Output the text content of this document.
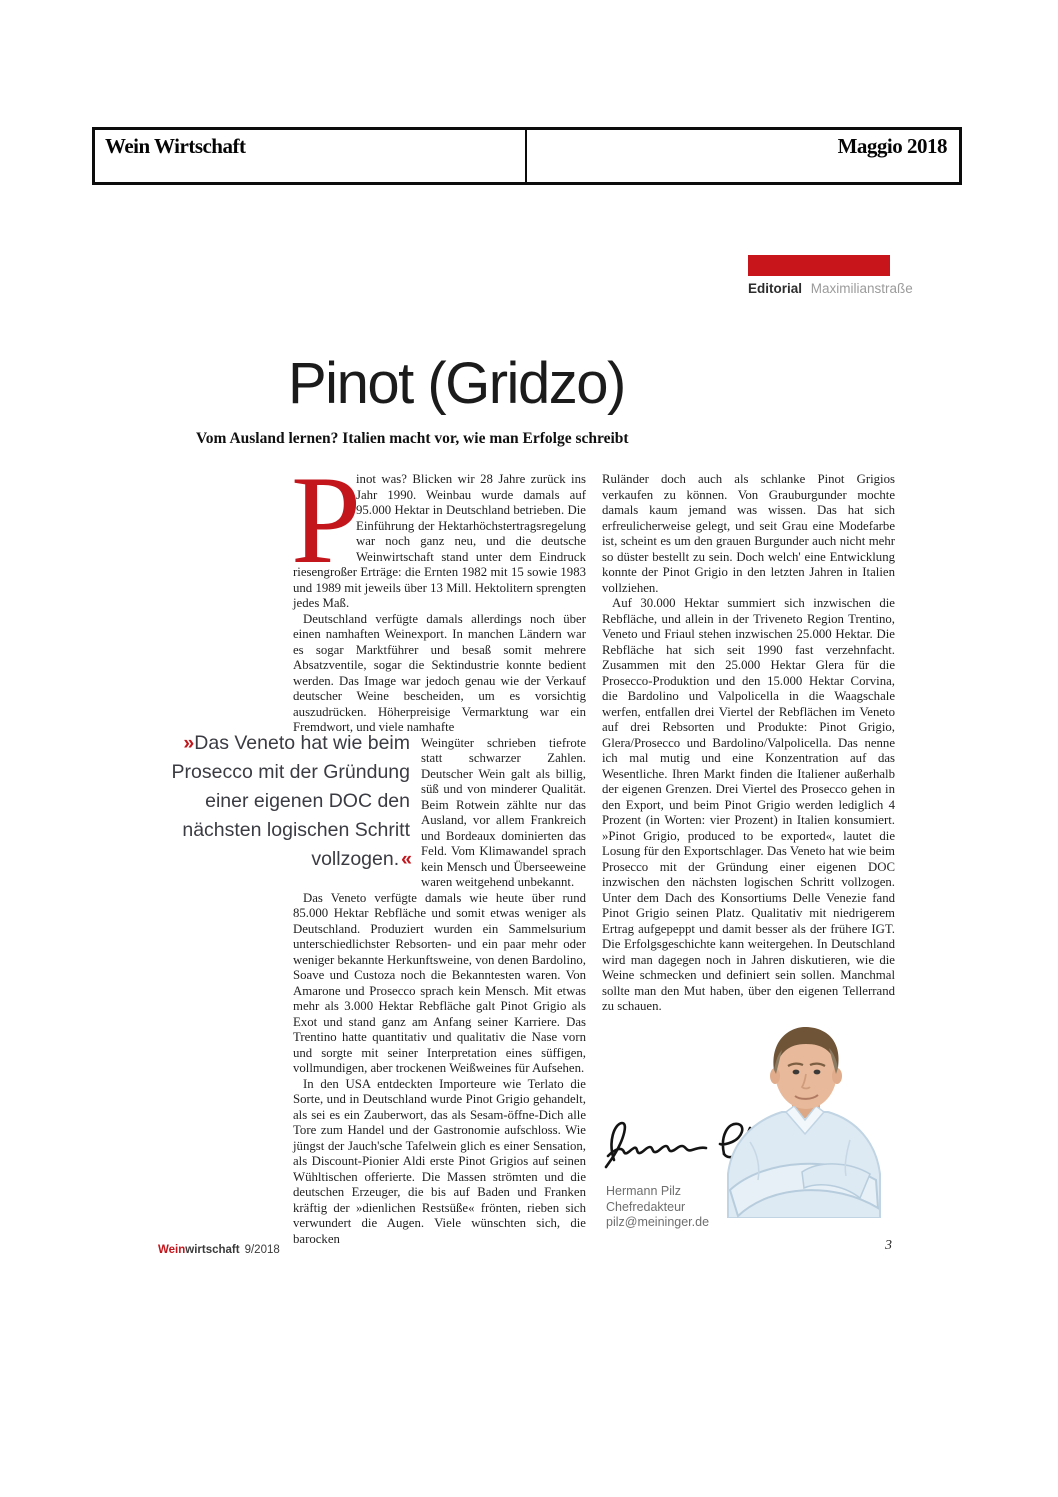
Wein Wirtschaft	Maggio 2018
Editorial Maximilianstraße
Pinot (Gridzo)
Vom Ausland lernen? Italien macht vor, wie man Erfolge schreibt
» Das Veneto hat wie beim Prosecco mit der Gründung einer eigenen DOC den nächsten logischen Schritt vollzogen. «

P
inot was? Blicken wir 28 Jahre zurück ins Jahr 1990. Weinbau wurde damals auf 95.000 Hektar in Deutschland betrieben. Die Einführung der Hektarhöchstertragsregelung war noch ganz neu, und die deutsche Weinwirtschaft stand unter dem Eindruck riesengroßer Erträge: die Ernten 1982 mit 15 sowie 1983 und 1989 mit jeweils über 13 Mill. Hektolitern sprengten jedes Maß.

Deutschland verfügte damals allerdings noch über einen namhaften Weinexport. In manchen Ländern war es sogar Marktführer und besaß somit mehrere Absatzventile, sogar die Sektindustrie konnte bedient werden. Das Image war jedoch genau wie der Verkauf deutscher Weine bescheiden, um es vorsichtig auszudrücken. Höherpreisige Vermarktung war ein Fremdwort, und viele namhafte

Weingüter schrieben tiefrote statt schwarzer Zahlen. Deutscher Wein galt als billig, süß und von minderer Qualität. Beim Rotwein zählte nur das Ausland, vor allem Frankreich und Bordeaux dominierten das Feld. Vom Klimawandel sprach kein Mensch und Überseeweine waren weitgehend unbekannt.

Das Veneto verfügte damals wie heute über rund 85.000 Hektar Rebfläche und somit etwas weniger als Deutschland. Produziert wurden ein Sammelsurium unterschiedlichster Rebsorten- und ein paar mehr oder weniger bekannte Herkunftsweine, von denen Bardolino, Soave und Custoza noch die Bekanntesten waren. Von Amarone und Prosecco sprach kein Mensch. Mit etwas mehr als 3.000 Hektar Rebfläche galt Pinot Grigio als Exot und stand ganz am Anfang seiner Karriere. Das Trentino hatte quantitativ und qualitativ die Nase vorn und sorgte mit seiner Interpretation eines süffigen, vollmundigen, aber trockenen Weißweines für Aufsehen.

In den USA entdeckten Importeure wie Terlato die Sorte, und in Deutschland wurde Pinot Grigio gehandelt, als sei es ein Zauberwort, das als Sesam-öffne-Dich alle Tore zum Handel und der Gastronomie aufschloss. Wie jüngst der Jauch'sche Tafelwein glich es einer Sensation, als Discount-Pionier Aldi erste Pinot Grigios auf seinen Wühltischen offerierte. Die Massen strömten und die deutschen Erzeuger, die bis auf Baden und Franken kräftig der »dienlichen Restsüße« frönten, rieben sich verwundert die Augen. Viele wünschten sich, die barocken

Ruländer doch auch als schlanke Pinot Grigios verkaufen zu können. Von Grauburgunder mochte damals kaum jemand was wissen. Das hat sich erfreulicherweise gelegt, und seit Grau eine Modefarbe ist, scheint es um den grauen Burgunder auch nicht mehr so düster bestellt zu sein. Doch welch' eine Entwicklung konnte der Pinot Grigio in den letzten Jahren in Italien vollziehen.

Auf 30.000 Hektar summiert sich inzwischen die Rebfläche, und allein in der Triveneto Region Trentino, Veneto und Friaul stehen inzwischen 25.000 Hektar. Die Rebfläche hat sich seit 1990 fast verzehnfacht. Zusammen mit den 25.000 Hektar Glera für die Prosecco-Produktion und den 15.000 Hektar Corvina, die Bardolino und Valpolicella in die Waagschale werfen, entfallen drei Viertel der Rebflächen im Veneto auf drei Rebsorten und Produkte: Pinot Grigio, Glera/Prosecco und Bardolino/Valpolicella. Das nenne ich mal mutig und eine Konzentration auf das Wesentliche. Ihren Markt finden die Italiener außerhalb der eigenen Grenzen. Drei Viertel des Prosecco gehen in den Export, und beim Pinot Grigio werden lediglich 4 Prozent (in Worten: vier Prozent) in Italien konsumiert. »Pinot Grigio, produced to be exported«, lautet die Losung für den Exportschlager. Das Veneto hat wie beim Prosecco mit der Gründung einer eigenen DOC inzwischen den nächsten logischen Schritt vollzogen. Unter dem Dach des Konsortiums Delle Venezie fand Pinot Grigio seinen Platz. Qualitativ mit niedrigerem Ertrag aufgepeppt und damit besser als der frühere IGT. Die Erfolgsgeschichte kann weitergehen. In Deutschland wird man dagegen noch in Jahren diskutieren, wie die Weine schmecken und definiert sein sollen. Manchmal sollte man den Mut haben, über den eigenen Tellerrand zu schauen.

Hermann Pilz
Chefredakteur
pilz@meininger.de
Weinwirtschaft 9/2018	3
